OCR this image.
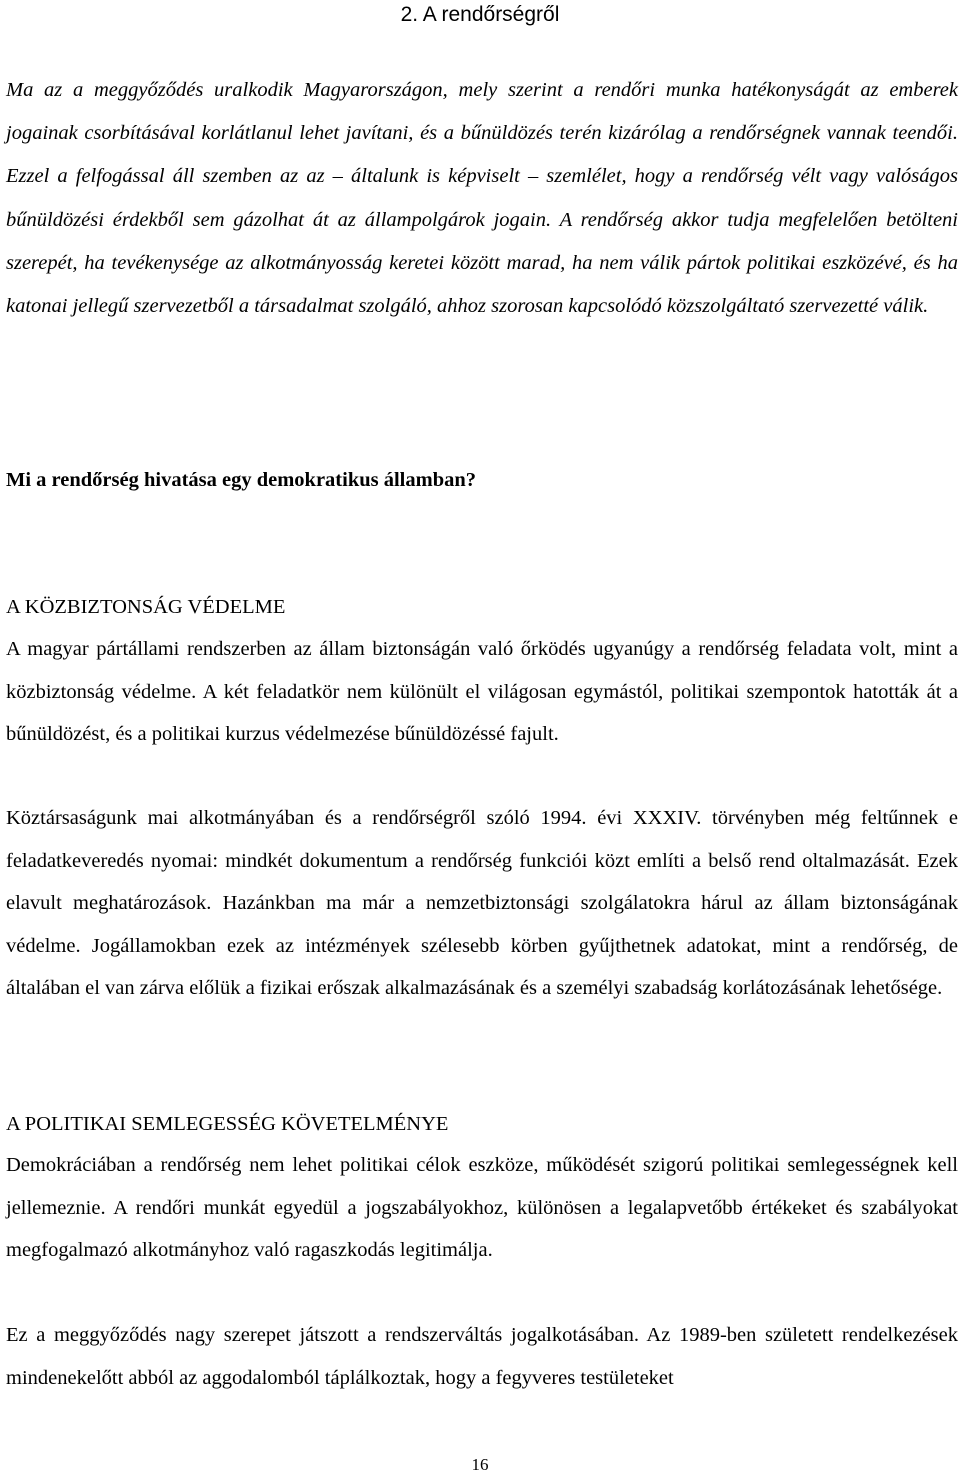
2. A rendőrségről

Ma az a meggyőződés uralkodik Magyarországon, mely szerint a rendőri munka hatékonyságát az emberek jogainak csorbításával korlátlanul lehet javítani, és a bűnüldözés terén kizárólag a rendőrségnek vannak teendői. Ezzel a felfogással áll szemben az az – általunk is képviselt – szemlélet, hogy a rendőrség vélt vagy valóságos bűnüldözési érdekből sem gázolhat át az állampolgárok jogain. A rendőrség akkor tudja megfelelően betölteni szerepét, ha tevékenysége az alkotmányosság keretei között marad, ha nem válik pártok politikai eszközévé, és ha katonai jellegű szervezetből a társadalmat szolgáló, ahhoz szorosan kapcsolódó közszolgáltató szervezetté válik.

Mi a rendőrség hivatása egy demokratikus államban?

A KÖZBIZTONSÁG VÉDELME

A magyar pártállami rendszerben az állam biztonságán való őrködés ugyanúgy a rendőrség feladata volt, mint a közbiztonság védelme. A két feladatkör nem különült el világosan egymástól, politikai szempontok hatották át a bűnüldözést, és a politikai kurzus védelmezése bűnüldözéssé fajult.

Köztársaságunk mai alkotmányában és a rendőrségről szóló 1994. évi XXXIV. törvényben még feltűnnek e feladatkeveredés nyomai: mindkét dokumentum a rendőrség funkciói közt említi a belső rend oltalmazását. Ezek elavult meghatározások. Hazánkban ma már a nemzetbiztonsági szolgálatokra hárul az állam biztonságának védelme. Jogállamokban ezek az intézmények szélesebb körben gyűjthetnek adatokat, mint a rendőrség, de általában el van zárva előlük a fizikai erőszak alkalmazásának és a személyi szabadság korlátozásának lehetősége.

A POLITIKAI SEMLEGESSÉG KÖVETELMÉNYE

Demokráciában a rendőrség nem lehet politikai célok eszköze, működését szigorú politikai semlegességnek kell jellemeznie. A rendőri munkát egyedül a jogszabályokhoz, különösen a legalapvetőbb értékeket és szabályokat megfogalmazó alkotmányhoz való ragaszkodás legitimálja.

Ez a meggyőződés nagy szerepet játszott a rendszerváltás jogalkotásában. Az 1989-ben született rendelkezések mindenekelőtt abból az aggodalomból táplálkoztak, hogy a fegyveres testületeket

16
